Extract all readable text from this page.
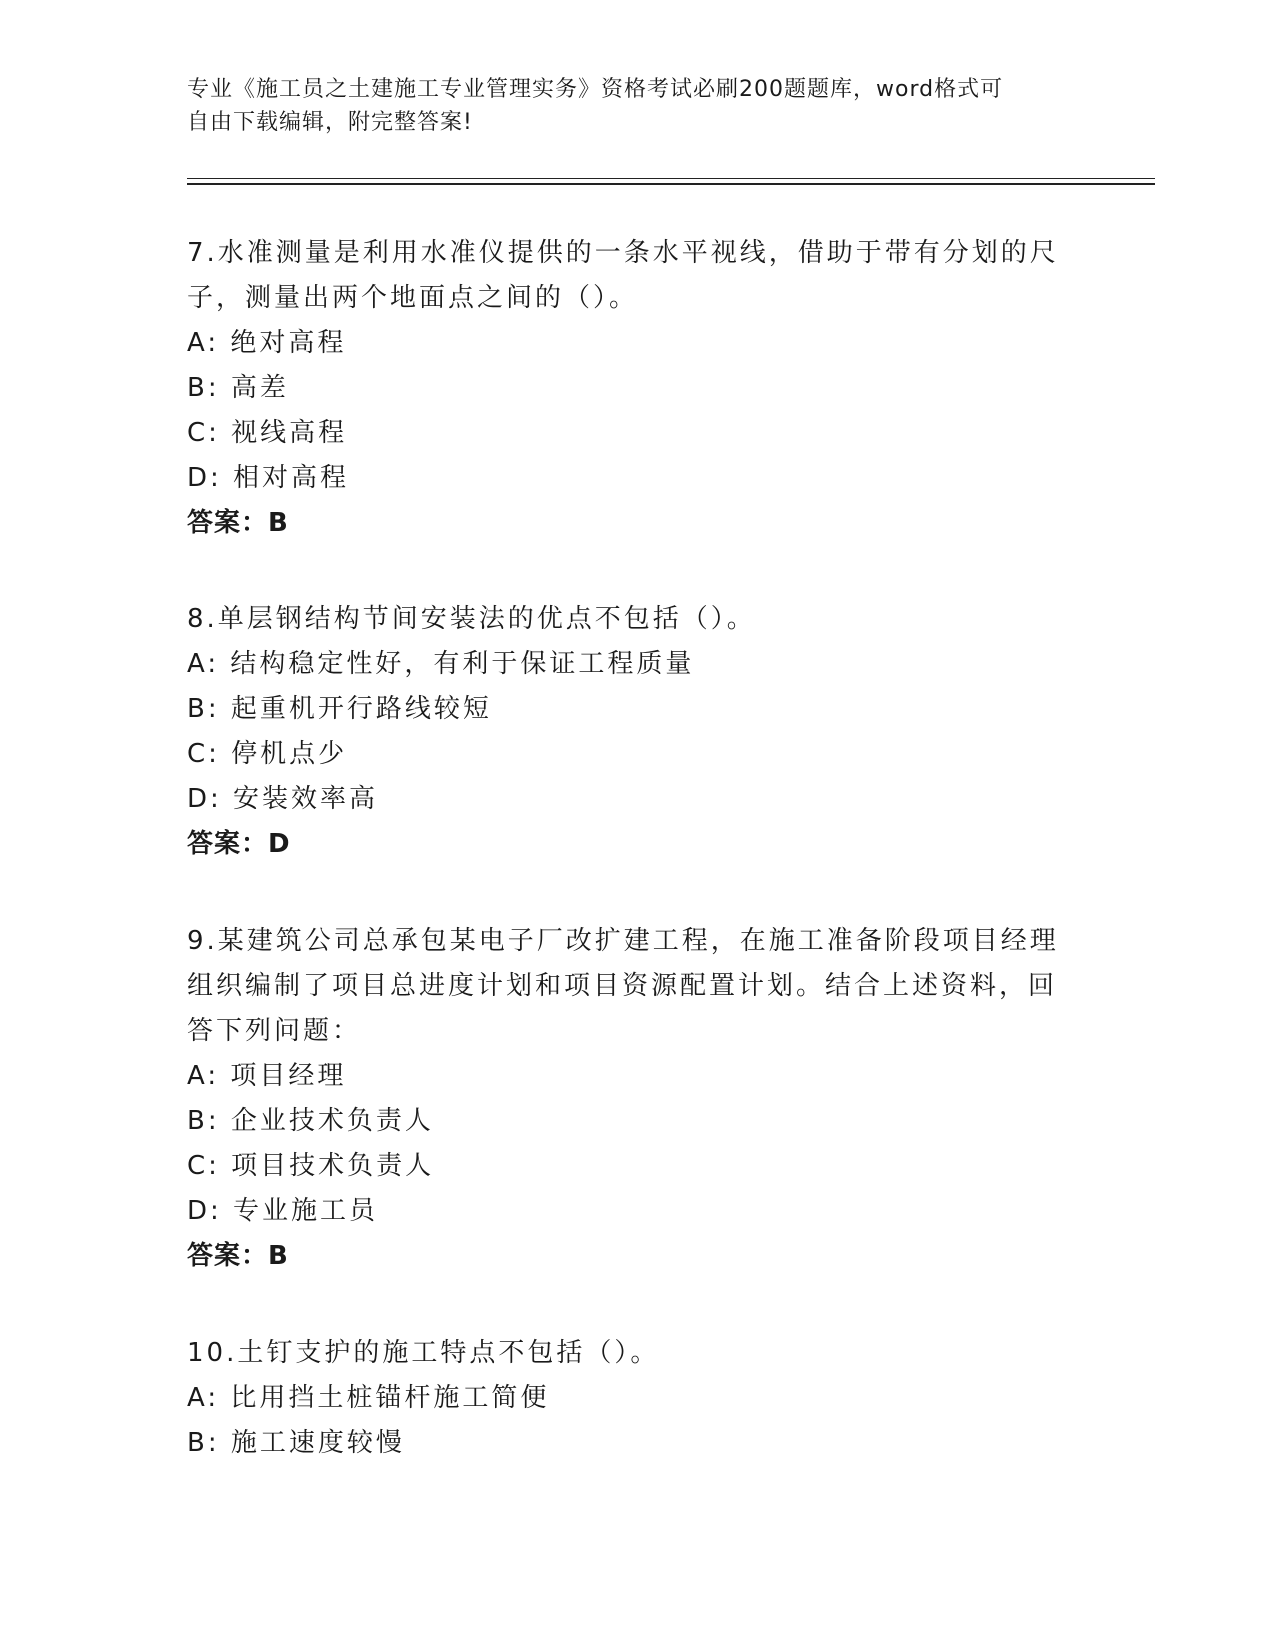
专业《施工员之土建施工专业管理实务》资格考试必刷200题题库，word格式可
自由下载编辑，附完整答案!
7.水准测量是利用水准仪提供的一条水平视线，借助于带有分划的尺
子，测量出两个地面点之间的（）。
A: 绝对高程
B: 高差
C: 视线高程
D: 相对高程
答案：B
8.单层钢结构节间安装法的优点不包括（）。
A: 结构稳定性好，有利于保证工程质量
B: 起重机开行路线较短
C: 停机点少
D: 安装效率高
答案：D
9.某建筑公司总承包某电子厂改扩建工程，在施工准备阶段项目经理
组织编制了项目总进度计划和项目资源配置计划。结合上述资料，回
答下列问题：
A: 项目经理
B: 企业技术负责人
C: 项目技术负责人
D: 专业施工员
答案：B
10.土钉支护的施工特点不包括（）。
A: 比用挡土桩锚杆施工简便
B: 施工速度较慢
